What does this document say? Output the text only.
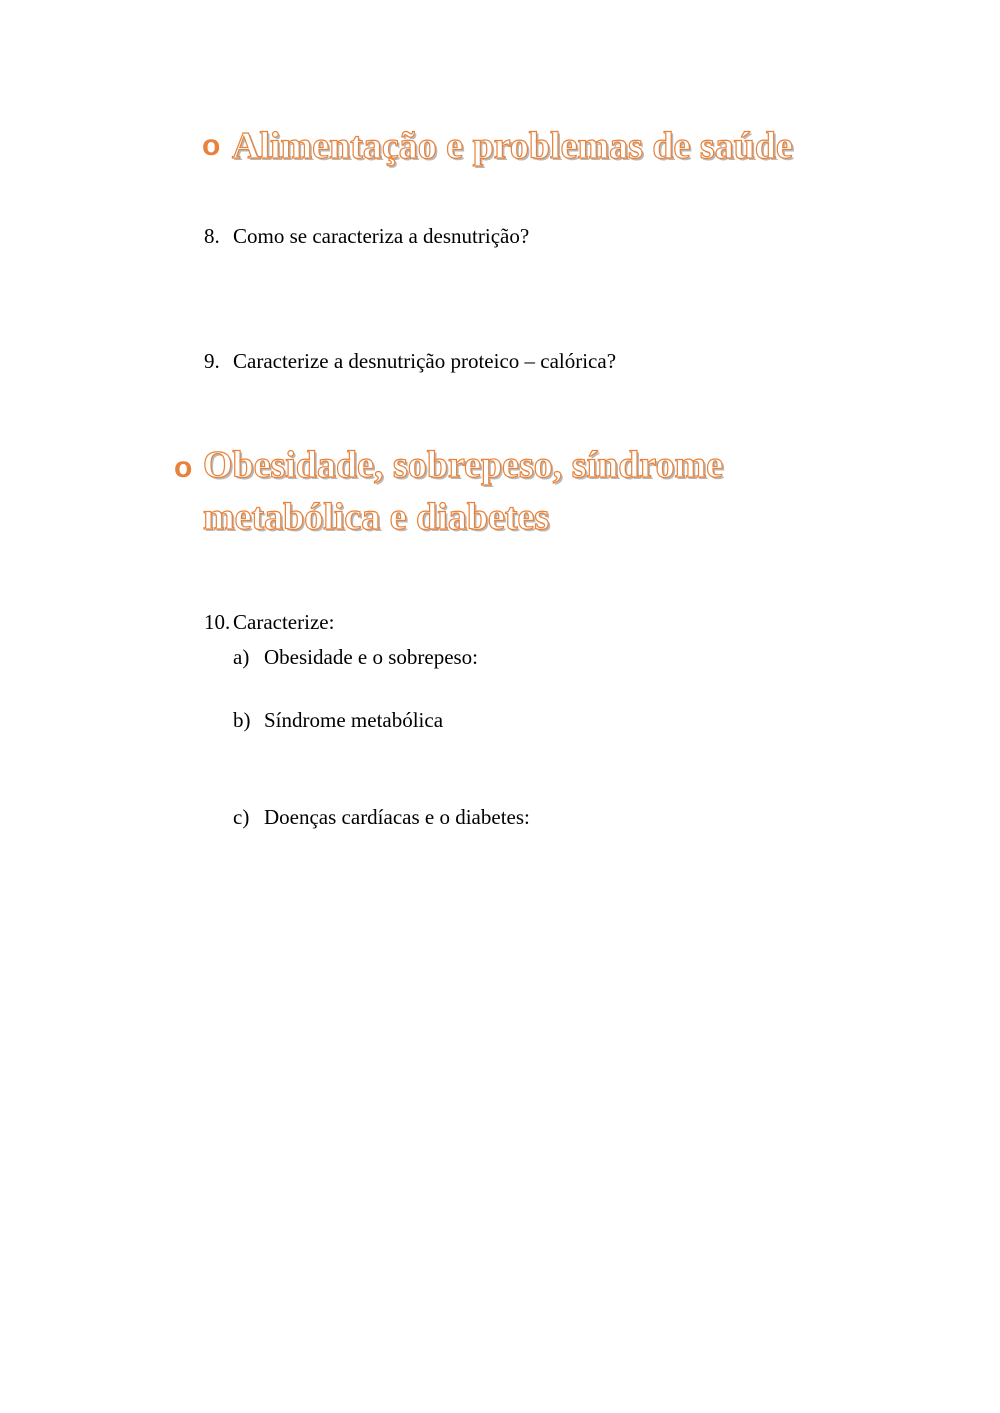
o Alimentação e problemas de saúde
8. Como se caracteriza a desnutrição?
9. Caracterize a desnutrição proteico – calórica?
o Obesidade, sobrepeso, síndrome
metabólica e diabetes
10. Caracterize:
a) Obesidade e o sobrepeso:
b) Síndrome metabólica
c) Doenças cardíacas e o diabetes:
